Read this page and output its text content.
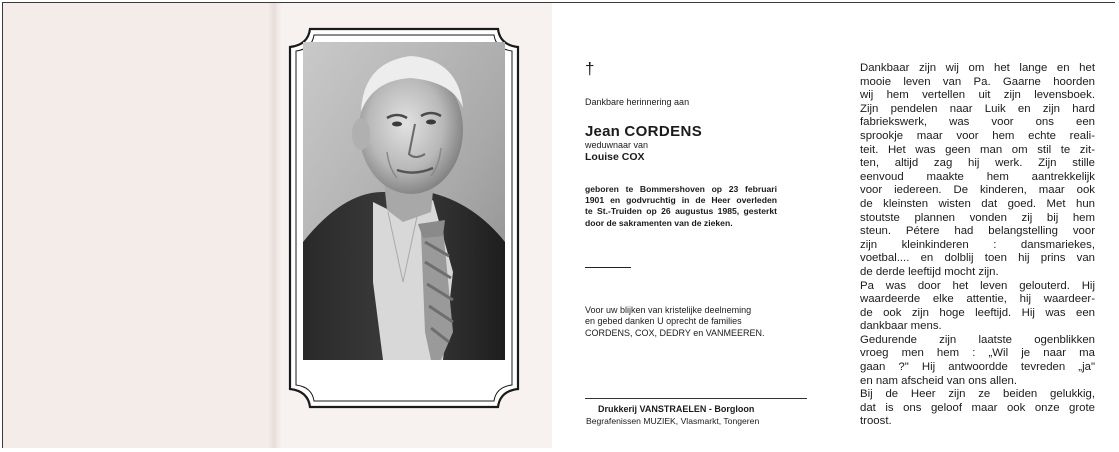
†
Dankbare herinnering aan
Jean CORDENS
weduwnaar van
Louise COX
geboren te Bommershoven op 23 februari
1901 en godvruchtig in de Heer overleden
te St.-Truiden op 26 augustus 1985, gesterkt
door de sakramenten van de zieken.
Voor uw blijken van kristelijke deelneming
en gebed danken U oprecht de families
CORDENS, COX, DEDRY en VANMEEREN.
Drukkerij VANSTRAELEN - Borgloon
Begrafenissen MUZIEK, Vlasmarkt, Tongeren
Dankbaar zijn wij om het lange en het
mooie leven van Pa. Gaarne hoorden
wij hem vertellen uit zijn levensboek.
Zijn pendelen naar Luik en zijn hard
fabriekswerk, was voor ons een
sprookje maar voor hem echte reali-
teit. Het was geen man om stil te zit-
ten, altijd zag hij werk. Zijn stille
eenvoud maakte hem aantrekkelijk
voor iedereen. De kinderen, maar ook
de kleinsten wisten dat goed. Met hun
stoutste plannen vonden zij bij hem
steun. Pétere had belangstelling voor
zijn kleinkinderen : dansmariekes,
voetbal.... en dolblij toen hij prins van
de derde leeftijd mocht zijn.
Pa was door het leven gelouterd. Hij
waardeerde elke attentie, hij waardeer-
de ook zijn hoge leeftijd. Hij was een
dankbaar mens.
Gedurende zijn laatste ogenblikken
vroeg men hem : „Wil je naar ma
gaan ?" Hij antwoordde tevreden „ja"
en nam afscheid van ons allen.
Bij de Heer zijn ze beiden gelukkig,
dat is ons geloof maar ook onze grote
troost.
